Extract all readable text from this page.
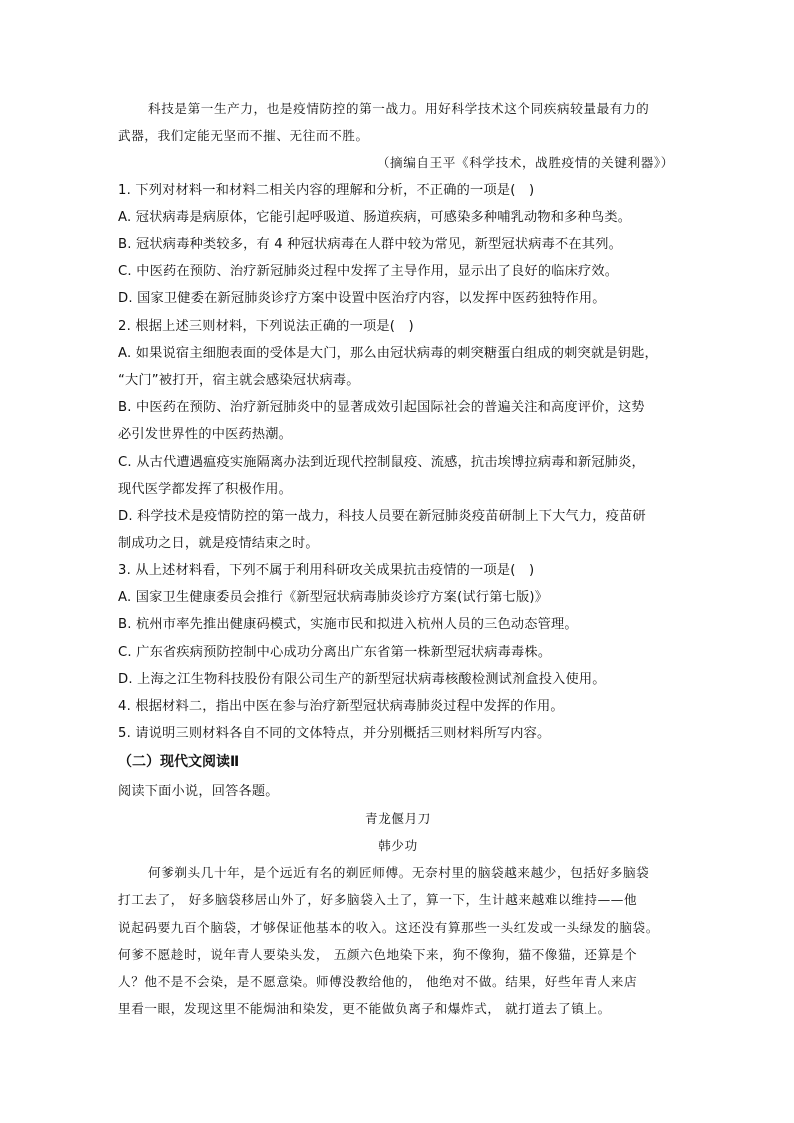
科技是第一生产力，也是疫情防控的第一战力。用好科学技术这个同疾病较量最有力的
武器，我们定能无坚而不摧、无往而不胜。
（摘编自王平《科学技术，战胜疫情的关键利器》）
1. 下列对材料一和材料二相关内容的理解和分析，不正确的一项是(　)
A. 冠状病毒是病原体，它能引起呼吸道、肠道疾病，可感染多种哺乳动物和多种鸟类。
B. 冠状病毒种类较多，有 4 种冠状病毒在人群中较为常见，新型冠状病毒不在其列。
C. 中医药在预防、治疗新冠肺炎过程中发挥了主导作用，显示出了良好的临床疗效。
D. 国家卫健委在新冠肺炎诊疗方案中设置中医治疗内容，以发挥中医药独特作用。
2. 根据上述三则材料，下列说法正确的一项是(　)
A. 如果说宿主细胞表面的受体是大门，那么由冠状病毒的刺突糖蛋白组成的刺突就是钥匙，
“大门”被打开，宿主就会感染冠状病毒。
B. 中医药在预防、治疗新冠肺炎中的显著成效引起国际社会的普遍关注和高度评价，这势
必引发世界性的中医药热潮。
C. 从古代遭遇瘟疫实施隔离办法到近现代控制鼠疫、流感，抗击埃博拉病毒和新冠肺炎，
现代医学都发挥了积极作用。
D. 科学技术是疫情防控的第一战力，科技人员要在新冠肺炎疫苗研制上下大气力，疫苗研
制成功之日，就是疫情结束之时。
3. 从上述材料看，下列不属于利用科研攻关成果抗击疫情的一项是(　)
A. 国家卫生健康委员会推行《新型冠状病毒肺炎诊疗方案(试行第七版)》
B. 杭州市率先推出健康码模式，实施市民和拟进入杭州人员的三色动态管理。
C. 广东省疾病预防控制中心成功分离出广东省第一株新型冠状病毒毒株。
D. 上海之江生物科技股份有限公司生产的新型冠状病毒核酸检测试剂盒投入使用。
4. 根据材料二，指出中医在参与治疗新型冠状病毒肺炎过程中发挥的作用。
5. 请说明三则材料各自不同的文体特点，并分别概括三则材料所写内容。
（二）现代文阅读Ⅱ
阅读下面小说，回答各题。
青龙偃月刀
韩少功
何爹剃头几十年，是个远近有名的剃匠师傅。无奈村里的脑袋越来越少，包括好多脑袋
打工去了， 好多脑袋移居山外了，好多脑袋入土了，算一下，生计越来越难以维持——他
说起码要九百个脑袋，才够保证他基本的收入。这还没有算那些一头红发或一头绿发的脑袋。
何爹不愿趁时，说年青人要染头发， 五颜六色地染下来，狗不像狗，猫不像猫，还算是个
人？他不是不会染，是不愿意染。师傅没教给他的， 他绝对不做。结果，好些年青人来店
里看一眼，发现这里不能焗油和染发，更不能做负离子和爆炸式， 就打道去了镇上。
